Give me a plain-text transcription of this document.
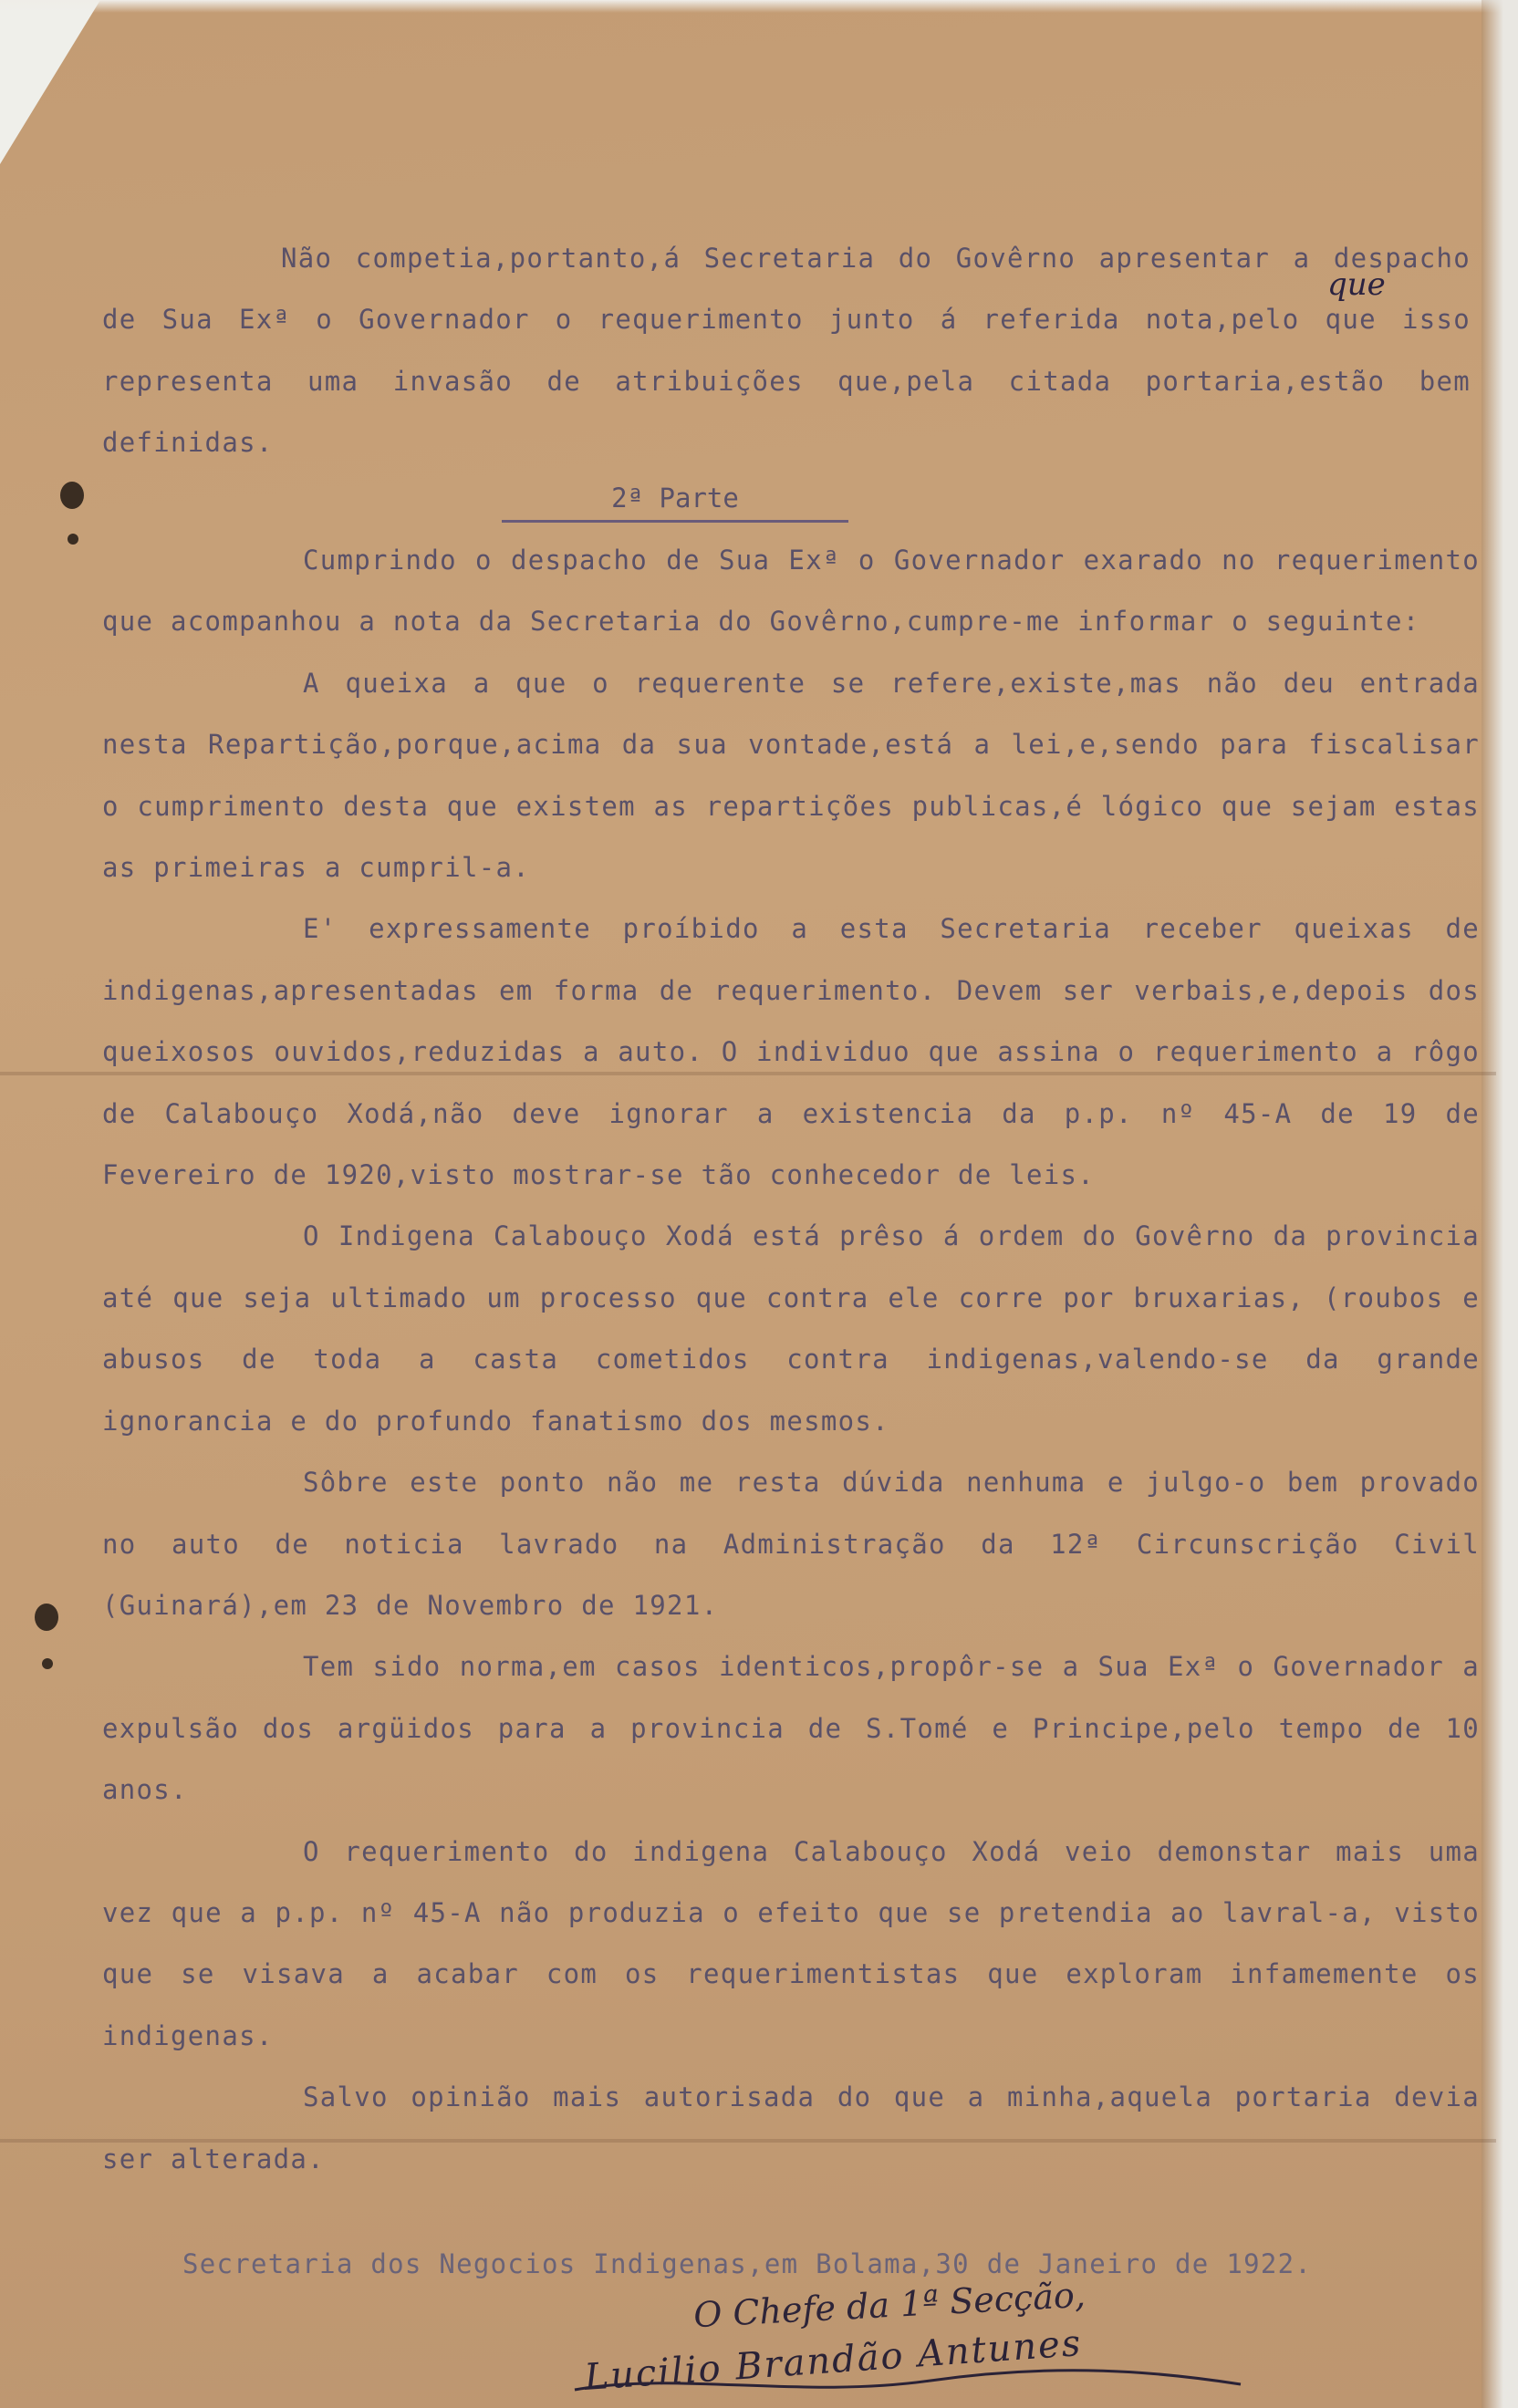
Não competia,portanto,á Secretaria do Govêrno apresentar a despacho de Sua Exª o Governador o requerimento junto á referida nota,pelo que isso representa uma invasão de atribuições que,pela citada portaria,estão bem definidas.

que
2ª Parte

Cumprindo o despacho de Sua Exª o Governador exarado no requerimento que acompanhou a nota da Secretaria do Govêrno,cumpre-me informar o seguinte:

A queixa a que o requerente se refere,existe,mas não deu entrada nesta Repartição,porque,acima da sua vontade,está a lei,e,sendo para fiscalisar o cumprimento desta que existem as repartições publicas,é lógico que sejam estas as primeiras a cumpril-a.

E' expressamente proíbido a esta Secretaria receber queixas de indigenas,apresentadas em forma de requerimento. Devem ser verbais,e,depois dos queixosos ouvidos,reduzidas a auto. O individuo que assina o requerimento a rôgo de Calabouço Xodá,não deve ignorar a existencia da p.p. nº 45-A de 19 de Fevereiro de 1920,visto mostrar-se tão conhecedor de leis.

O Indigena Calabouço Xodá está prêso á ordem do Govêrno da provincia até que seja ultimado um processo que contra ele corre por bruxarias, (roubos e abusos de toda a casta cometidos contra indigenas,valendo-se da grande ignorancia e do profundo fanatismo dos mesmos.

Sôbre este ponto não me resta dúvida nenhuma e julgo-o bem provado no auto de noticia lavrado na Administração da 12ª Circunscrição Civil (Guinará),em 23 de Novembro de 1921.

Tem sido norma,em casos identicos,propôr-se a Sua Exª o Governador a expulsão dos argüidos para a provincia de S.Tomé e Principe,pelo tempo de 10 anos.

O requerimento do indigena Calabouço Xodá veio demonstar mais uma vez que a p.p. nº 45-A não produzia o efeito que se pretendia ao lavral-a, visto que se visava a acabar com os requerimentistas que exploram infamemente os indigenas.

Salvo opinião mais autorisada do que a minha,aquela portaria devia ser alterada.

Secretaria dos Negocios Indigenas,em Bolama,30 de Janeiro de 1922.
O Chefe da 1ª Secção,
Lucilio Brandão Antunes
